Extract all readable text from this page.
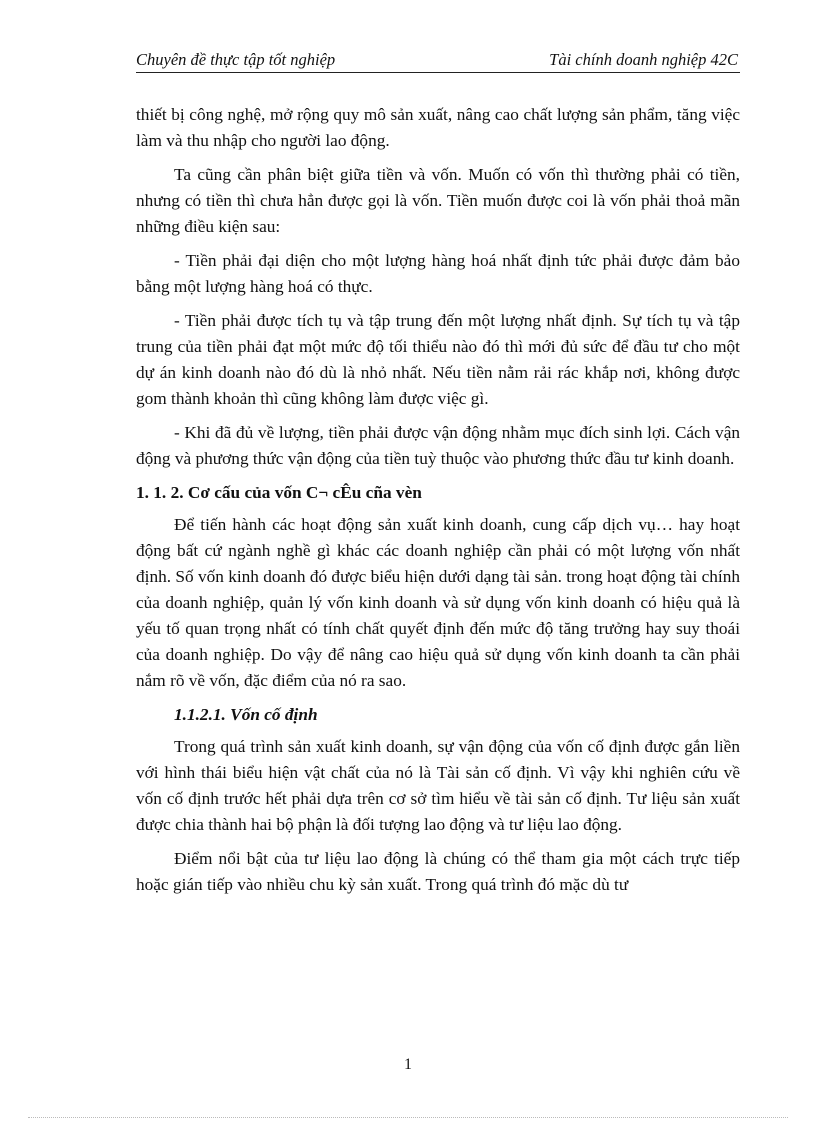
Chuyên đề thực tập tốt nghiệp	Tài chính doanh nghiệp 42C

thiết bị công nghệ, mở rộng quy mô sản xuất, nâng cao chất lượng sản phẩm, tăng việc làm và thu nhập cho người lao động.

Ta cũng cần phân biệt giữa tiền và vốn. Muốn có vốn thì thường phải có tiền, nhưng có tiền thì chưa hẳn được gọi là vốn. Tiền muốn được coi là vốn phải thoả mãn những điều kiện sau:

- Tiền phải đại diện cho một lượng hàng hoá nhất định tức phải được đảm bảo bằng một lượng hàng hoá có thực.

- Tiền phải được tích tụ và tập trung đến một lượng nhất định. Sự tích tụ và tập trung của tiền phải đạt một mức độ tối thiểu nào đó thì mới đủ sức để đầu tư cho một dự án kinh doanh nào đó dù là nhỏ nhất. Nếu tiền nằm rải rác khắp nơi, không được gom thành khoản thì cũng không làm được việc gì.

- Khi đã đủ về lượng, tiền phải được vận động nhằm mục đích sinh lợi. Cách vận động và phương thức vận động của tiền tuỳ thuộc vào phương thức đầu tư kinh doanh.

1. 1. 2. Cơ cấu của vốn C¬ cÊu cña vèn

Để tiến hành các hoạt động sản xuất kinh doanh, cung cấp dịch vụ… hay hoạt động bất cứ ngành nghề gì khác các doanh nghiệp cần phải có một lượng vốn nhất định. Số vốn kinh doanh đó được biểu hiện dưới dạng tài sản. trong hoạt động tài chính của doanh nghiệp, quản lý vốn kinh doanh và sử dụng vốn kinh doanh có hiệu quả là yếu tố quan trọng nhất có tính chất quyết định đến mức độ tăng trưởng hay suy thoái của doanh nghiệp. Do vậy để nâng cao hiệu quả sử dụng vốn kinh doanh ta cần phải nắm rõ về vốn, đặc điểm của nó ra sao.

1.1.2.1. Vốn cố định

Trong quá trình sản xuất kinh doanh, sự vận động của vốn cố định được gắn liền với hình thái biểu hiện vật chất của nó là Tài sản cố định. Vì vậy khi nghiên cứu về vốn cố định trước hết phải dựa trên cơ sở tìm hiểu về tài sản cố định. Tư liệu sản xuất được chia thành hai bộ phận là đối tượng lao động và tư liệu lao động.

Điểm nổi bật của tư liệu lao động là chúng có thể tham gia một cách trực tiếp hoặc gián tiếp vào nhiều chu kỳ sản xuất. Trong quá trình đó mặc dù tư

1
